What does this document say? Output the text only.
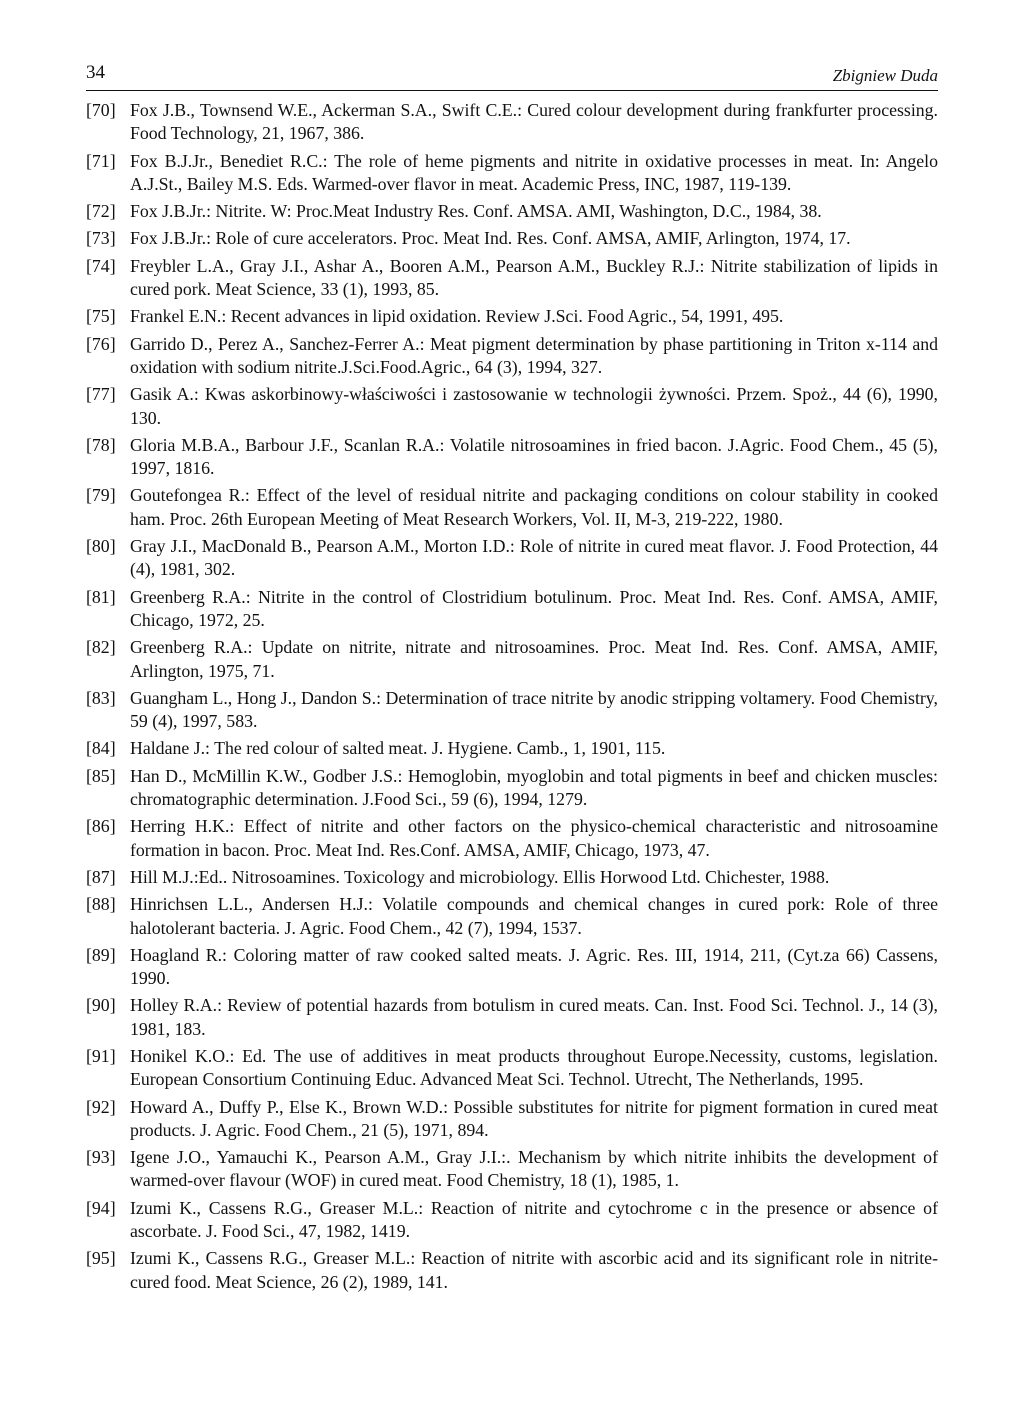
34	Zbigniew Duda
[70] Fox J.B., Townsend W.E., Ackerman S.A., Swift C.E.: Cured colour development during frankfurter processing. Food Technology, 21, 1967, 386.
[71] Fox B.J.Jr., Benediet R.C.: The role of heme pigments and nitrite in oxidative processes in meat. In: Angelo A.J.St., Bailey M.S. Eds. Warmed-over flavor in meat. Academic Press, INC, 1987, 119-139.
[72] Fox J.B.Jr.: Nitrite. W: Proc.Meat Industry Res. Conf. AMSA. AMI, Washington, D.C., 1984, 38.
[73] Fox J.B.Jr.: Role of cure accelerators. Proc. Meat Ind. Res. Conf. AMSA, AMIF, Arlington, 1974, 17.
[74] Freybler L.A., Gray J.I., Ashar A., Booren A.M., Pearson A.M., Buckley R.J.: Nitrite stabilization of lipids in cured pork. Meat Science, 33 (1), 1993, 85.
[75] Frankel E.N.: Recent advances in lipid oxidation. Review J.Sci. Food Agric., 54, 1991, 495.
[76] Garrido D., Perez A., Sanchez-Ferrer A.: Meat pigment determination by phase partitioning in Triton x-114 and oxidation with sodium nitrite.J.Sci.Food.Agric., 64 (3), 1994, 327.
[77] Gasik A.: Kwas askorbinowy-właściwości i zastosowanie w technologii żywności. Przem. Spoż., 44 (6), 1990, 130.
[78] Gloria M.B.A., Barbour J.F., Scanlan R.A.: Volatile nitrosoamines in fried bacon. J.Agric. Food Chem., 45 (5), 1997, 1816.
[79] Goutefongea R.: Effect of the level of residual nitrite and packaging conditions on colour stability in cooked ham. Proc. 26th European Meeting of Meat Research Workers, Vol. II, M-3, 219-222, 1980.
[80] Gray J.I., MacDonald B., Pearson A.M., Morton I.D.: Role of nitrite in cured meat flavor. J. Food Protection, 44 (4), 1981, 302.
[81] Greenberg R.A.: Nitrite in the control of Clostridium botulinum. Proc. Meat Ind. Res. Conf. AMSA, AMIF, Chicago, 1972, 25.
[82] Greenberg R.A.: Update on nitrite, nitrate and nitrosoamines. Proc. Meat Ind. Res. Conf. AMSA, AMIF, Arlington, 1975, 71.
[83] Guangham L., Hong J., Dandon S.: Determination of trace nitrite by anodic stripping voltamery. Food Chemistry, 59 (4), 1997, 583.
[84] Haldane J.: The red colour of salted meat. J. Hygiene. Camb., 1, 1901, 115.
[85] Han D., McMillin K.W., Godber J.S.: Hemoglobin, myoglobin and total pigments in beef and chicken muscles: chromatographic determination. J.Food Sci., 59 (6), 1994, 1279.
[86] Herring H.K.: Effect of nitrite and other factors on the physico-chemical characteristic and nitrosoamine formation in bacon. Proc. Meat Ind. Res.Conf. AMSA, AMIF, Chicago, 1973, 47.
[87] Hill M.J.:Ed.. Nitrosoamines. Toxicology and microbiology. Ellis Horwood Ltd. Chichester, 1988.
[88] Hinrichsen L.L., Andersen H.J.: Volatile compounds and chemical changes in cured pork: Role of three halotolerant bacteria. J. Agric. Food Chem., 42 (7), 1994, 1537.
[89] Hoagland R.: Coloring matter of raw cooked salted meats. J. Agric. Res. III, 1914, 211, (Cyt.za 66) Cassens, 1990.
[90] Holley R.A.: Review of potential hazards from botulism in cured meats. Can. Inst. Food Sci. Technol. J., 14 (3), 1981, 183.
[91] Honikel K.O.: Ed. The use of additives in meat products throughout Europe.Necessity, customs, legislation. European Consortium Continuing Educ. Advanced Meat Sci. Technol. Utrecht, The Netherlands, 1995.
[92] Howard A., Duffy P., Else K., Brown W.D.: Possible substitutes for nitrite for pigment formation in cured meat products. J. Agric. Food Chem., 21 (5), 1971, 894.
[93] Igene J.O., Yamauchi K., Pearson A.M., Gray J.I.:. Mechanism by which nitrite inhibits the development of warmed-over flavour (WOF) in cured meat. Food Chemistry, 18 (1), 1985, 1.
[94] Izumi K., Cassens R.G., Greaser M.L.: Reaction of nitrite and cytochrome c in the presence or absence of ascorbate. J. Food Sci., 47, 1982, 1419.
[95] Izumi K., Cassens R.G., Greaser M.L.: Reaction of nitrite with ascorbic acid and its significant role in nitrite-cured food. Meat Science, 26 (2), 1989, 141.
